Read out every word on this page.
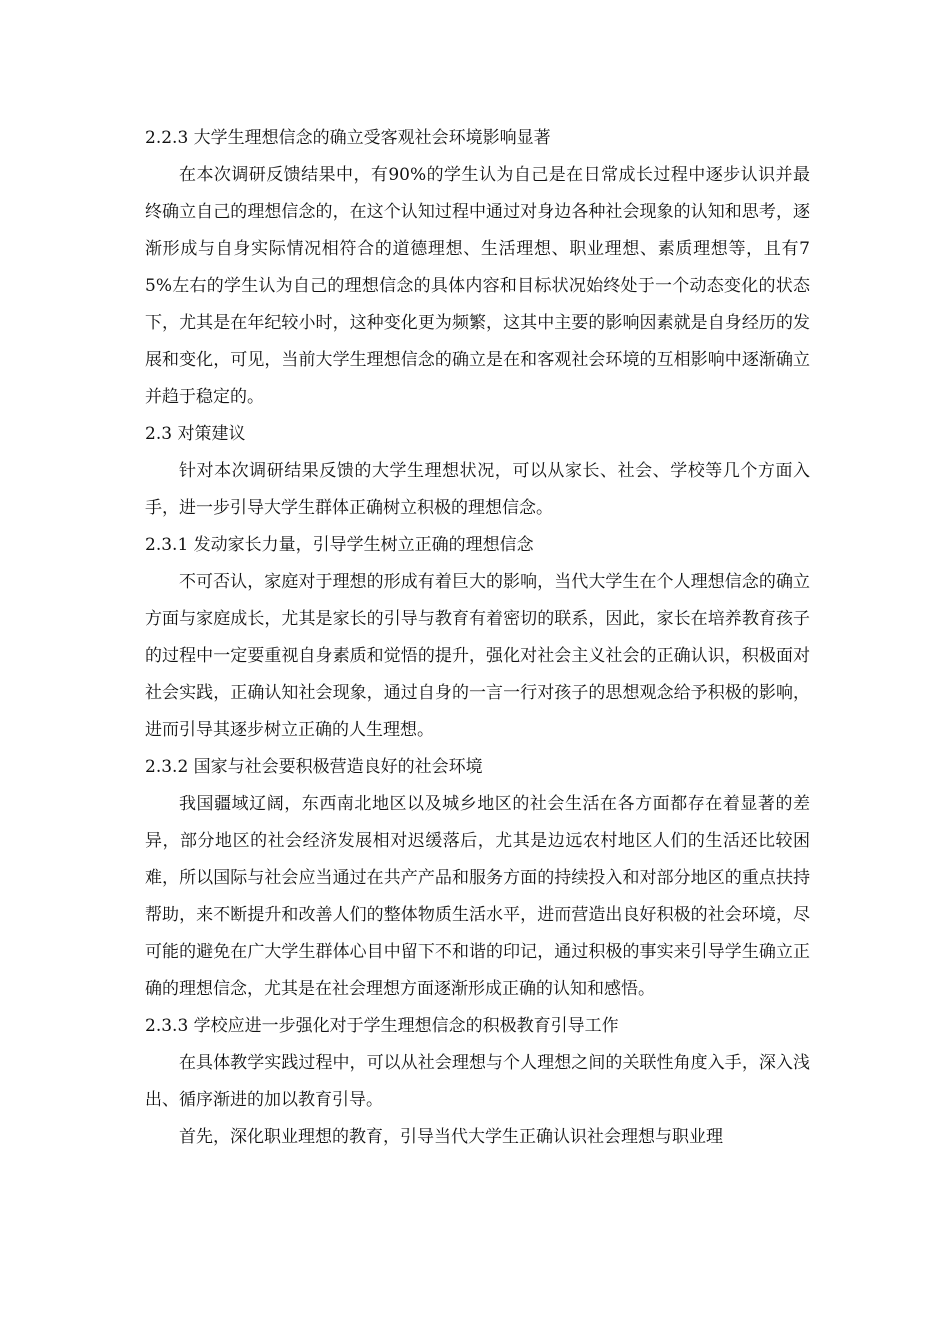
2.2.3 大学生理想信念的确立受客观社会环境影响显著

在本次调研反馈结果中，有90%的学生认为自己是在日常成长过程中逐步认识并最终确立自己的理想信念的，在这个认知过程中通过对身边各种社会现象的认知和思考，逐渐形成与自身实际情况相符合的道德理想、生活理想、职业理想、素质理想等，且有75%左右的学生认为自己的理想信念的具体内容和目标状况始终处于一个动态变化的状态下，尤其是在年纪较小时，这种变化更为频繁，这其中主要的影响因素就是自身经历的发展和变化，可见，当前大学生理想信念的确立是在和客观社会环境的互相影响中逐渐确立并趋于稳定的。

2.3 对策建议

针对本次调研结果反馈的大学生理想状况，可以从家长、社会、学校等几个方面入手，进一步引导大学生群体正确树立积极的理想信念。

2.3.1 发动家长力量，引导学生树立正确的理想信念

不可否认，家庭对于理想的形成有着巨大的影响，当代大学生在个人理想信念的确立方面与家庭成长，尤其是家长的引导与教育有着密切的联系，因此，家长在培养教育孩子的过程中一定要重视自身素质和觉悟的提升，强化对社会主义社会的正确认识，积极面对社会实践，正确认知社会现象，通过自身的一言一行对孩子的思想观念给予积极的影响，进而引导其逐步树立正确的人生理想。

2.3.2 国家与社会要积极营造良好的社会环境

我国疆域辽阔，东西南北地区以及城乡地区的社会生活在各方面都存在着显著的差异，部分地区的社会经济发展相对迟缓落后，尤其是边远农村地区人们的生活还比较困难，所以国际与社会应当通过在共产产品和服务方面的持续投入和对部分地区的重点扶持帮助，来不断提升和改善人们的整体物质生活水平，进而营造出良好积极的社会环境，尽可能的避免在广大学生群体心目中留下不和谐的印记，通过积极的事实来引导学生确立正确的理想信念，尤其是在社会理想方面逐渐形成正确的认知和感悟。

2.3.3 学校应进一步强化对于学生理想信念的积极教育引导工作

在具体教学实践过程中，可以从社会理想与个人理想之间的关联性角度入手，深入浅出、循序渐进的加以教育引导。

首先，深化职业理想的教育，引导当代大学生正确认识社会理想与职业理
